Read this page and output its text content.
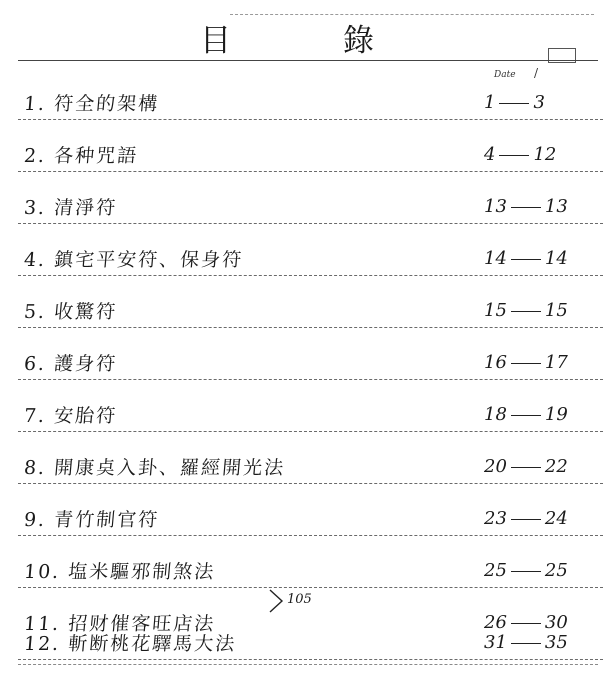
目	錄
Date /
1. 符全的架構	1 3
2. 各种咒語	4 12
3. 清淨符	13 13
4. 鎮宅平安符、保身符	14 14
5. 收驚符	15 15
6. 護身符	16 17
7. 安胎符	18 19
8. 開康奌入卦、羅經開光法	20 22
9. 青竹制官符	23 24
10. 塩米驅邪制煞法	25 25
11. 招财催客旺店法	26 30
12. 斬断桃花驛馬大法	31 35
105
